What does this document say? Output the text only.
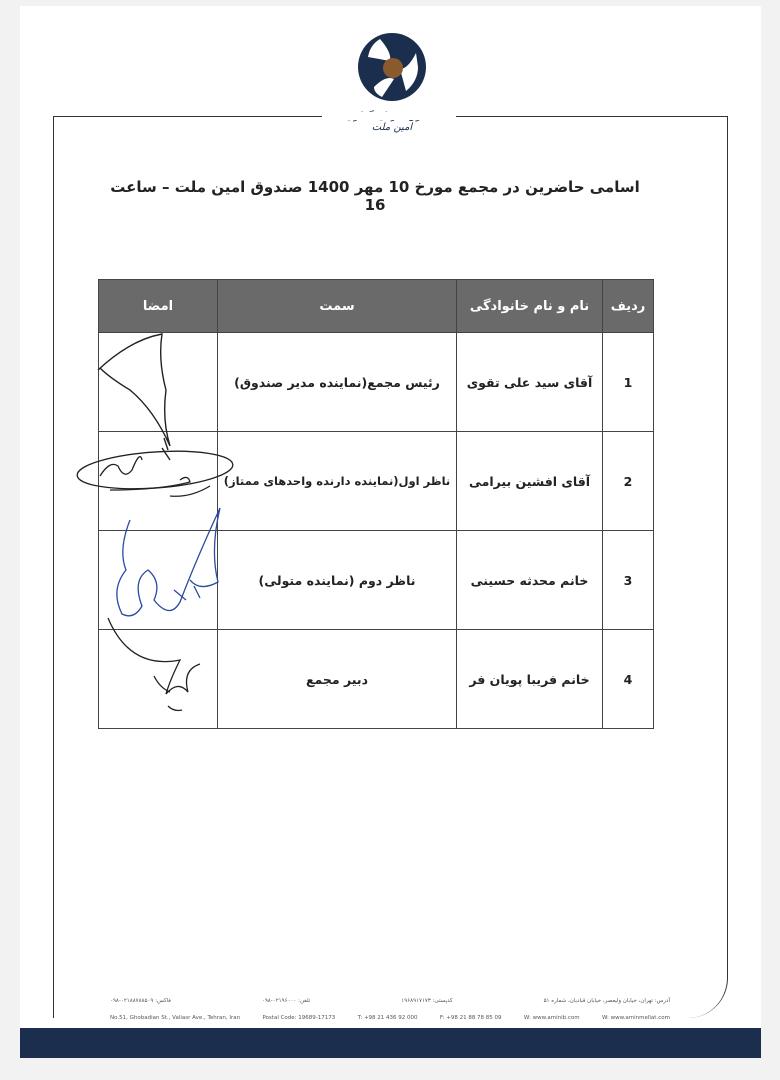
امین ملت
اسامی حاضرین در مجمع مورخ 10 مهر 1400 صندوق امین ملت – ساعت 16
ردیف	نام و نام خانوادگی	سمت	امضا
1	آقای سید علی تقوی	رئیس مجمع(نماینده مدیر صندوق)	
2	آقای افشین بیرامی	ناظر اول(نماینده دارنده واحدهای ممتاز)	
3	خانم محدثه حسینی	ناظر دوم (نماینده متولی)	
4	خانم فریبا پویان فر	دبیر مجمع	
آدرس: تهران، خیابان ولیعصر، خیابان قبادیان، شماره ۵۱
کدپستی: ۱۹۶۸۹۱۷۱۷۳
تلفن: ۰۲۱۹۶۰۰۰-۰۹۸
فاکس: ۰۲۱۸۸۷۸۸۵۰۹-۰۹۸
No.51, Ghobadian St., Valiasr Ave., Tehran, Iran	Postal Code: 19689-17173	T: +98 21 436 92 000	F: +98 21 88 78 85 09	W: www.aminib.com	W: www.aminmellat.com
